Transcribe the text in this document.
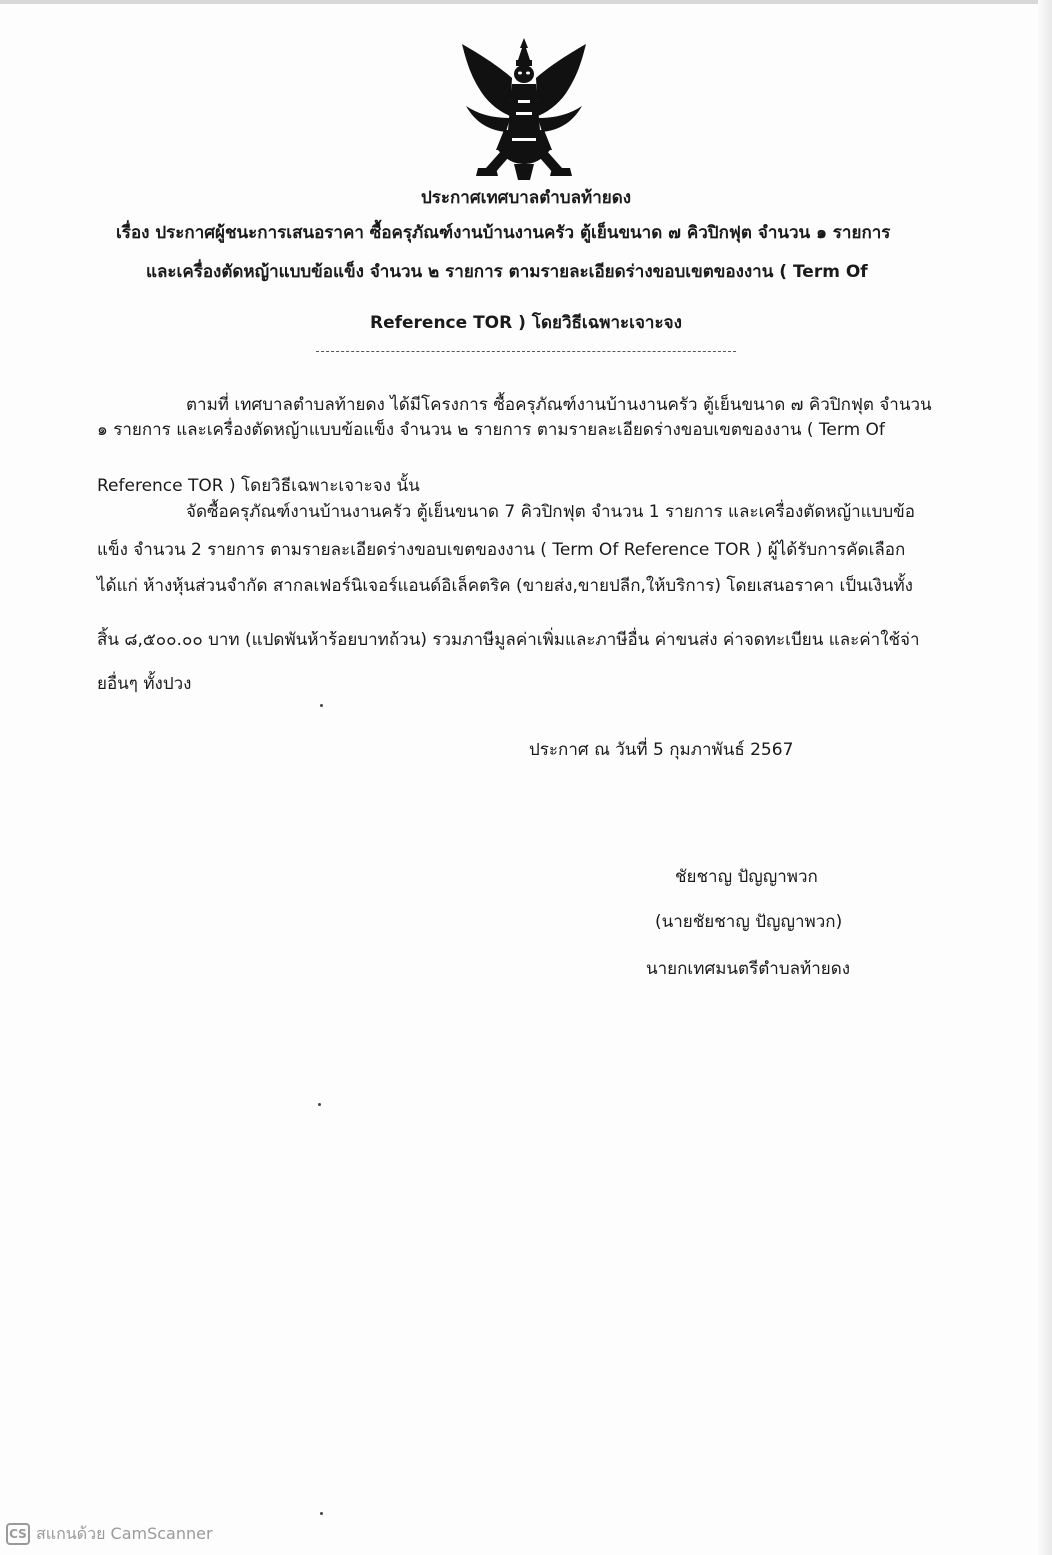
ประกาศเทศบาลตำบลท้ายดง
เรื่อง ประกาศผู้ชนะการเสนอราคา ซื้อครุภัณฑ์งานบ้านงานครัว ตู้เย็นขนาด ๗ คิวปิกฟุต จำนวน ๑ รายการ
และเครื่องตัดหญ้าแบบข้อแข็ง จำนวน ๒ รายการ ตามรายละเอียดร่างขอบเขตของงาน ( Term Of
Reference TOR ) โดยวิธีเฉพาะเจาะจง
ตามที่ เทศบาลตำบลท้ายดง ได้มีโครงการ ซื้อครุภัณฑ์งานบ้านงานครัว ตู้เย็นขนาด ๗ คิวปิกฟุต จำนวน
๑ รายการ และเครื่องตัดหญ้าแบบข้อแข็ง จำนวน ๒ รายการ ตามรายละเอียดร่างขอบเขตของงาน ( Term Of
Reference TOR ) โดยวิธีเฉพาะเจาะจง นั้น
จัดซื้อครุภัณฑ์งานบ้านงานครัว ตู้เย็นขนาด 7 คิวปิกฟุต จำนวน 1 รายการ และเครื่องตัดหญ้าแบบข้อ
แข็ง จำนวน 2 รายการ ตามรายละเอียดร่างขอบเขตของงาน ( Term Of Reference TOR ) ผู้ได้รับการคัดเลือก
ได้แก่ ห้างหุ้นส่วนจำกัด สากลเฟอร์นิเจอร์แอนด์อิเล็คตริค (ขายส่ง,ขายปลีก,ให้บริการ) โดยเสนอราคา เป็นเงินทั้ง
สิ้น ๘,๕๐๐.๐๐ บาท (แปดพันห้าร้อยบาทถ้วน) รวมภาษีมูลค่าเพิ่มและภาษีอื่น ค่าขนส่ง ค่าจดทะเบียน และค่าใช้จ่า
ยอื่นๆ ทั้งปวง
ประกาศ ณ วันที่ 5 กุมภาพันธ์ 2567
ชัยชาญ ปัญญาพวก
(นายชัยชาญ ปัญญาพวก)
นายกเทศมนตรีตำบลท้ายดง
CS สแกนด้วย CamScanner
